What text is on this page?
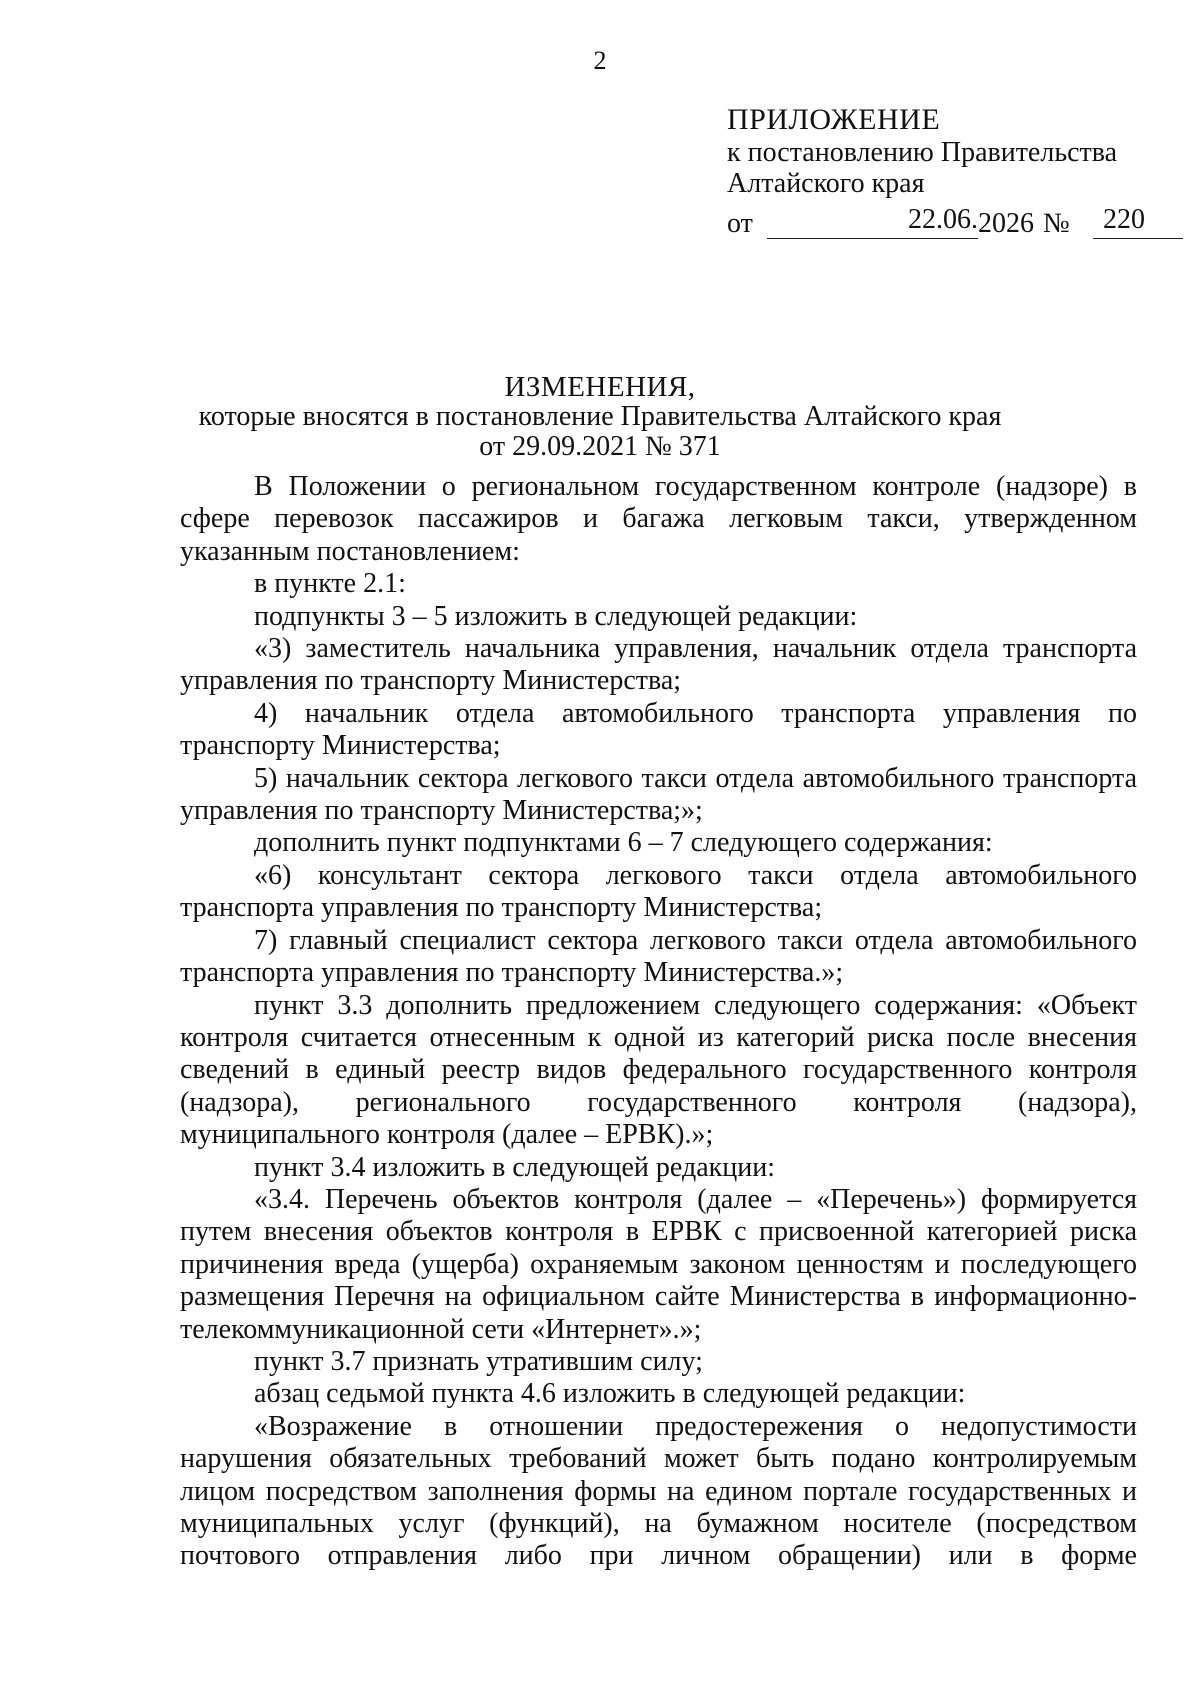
2
ПРИЛОЖЕНИЕ
к постановлению Правительства
Алтайского края
от	22.06. 2026 № 220
ИЗМЕНЕНИЯ,
которые вносятся в постановление Правительства Алтайского края
от 29.09.2021 № 371

В Положении о региональном государственном контроле (надзоре) в сфере перевозок пассажиров и багажа легковым такси, утвержденном указанным постановлением:

в пункте 2.1:

подпункты 3 – 5 изложить в следующей редакции:

«3) заместитель начальника управления, начальник отдела транспорта управления по транспорту Министерства;

4) начальник отдела автомобильного транспорта управления по транспорту Министерства;

5) начальник сектора легкового такси отдела автомобильного транспорта управления по транспорту Министерства;»;

дополнить пункт подпунктами 6 – 7 следующего содержания:

«6) консультант сектора легкового такси отдела автомобильного транспорта управления по транспорту Министерства;

7) главный специалист сектора легкового такси отдела автомобильного транспорта управления по транспорту Министерства.»;

пункт 3.3 дополнить предложением следующего содержания: «Объект контроля считается отнесенным к одной из категорий риска после внесения сведений в единый реестр видов федерального государственного контроля (надзора), регионального государственного контроля (надзора), муниципального контроля (далее – ЕРВК).»;

пункт 3.4 изложить в следующей редакции:

«3.4. Перечень объектов контроля (далее – «Перечень») формируется путем внесения объектов контроля в ЕРВК с присвоенной категорией риска причинения вреда (ущерба) охраняемым законом ценностям и последующего размещения Перечня на официальном сайте Министерства в информационно-телекоммуникационной сети «Интернет».»;

пункт 3.7 признать утратившим силу;

абзац седьмой пункта 4.6 изложить в следующей редакции:

«Возражение в отношении предостережения о недопустимости нарушения обязательных требований может быть подано контролируемым лицом посредством заполнения формы на едином портале государственных и муниципальных услуг (функций), на бумажном носителе (посредством почтового отправления либо при личном обращении) или в форме
